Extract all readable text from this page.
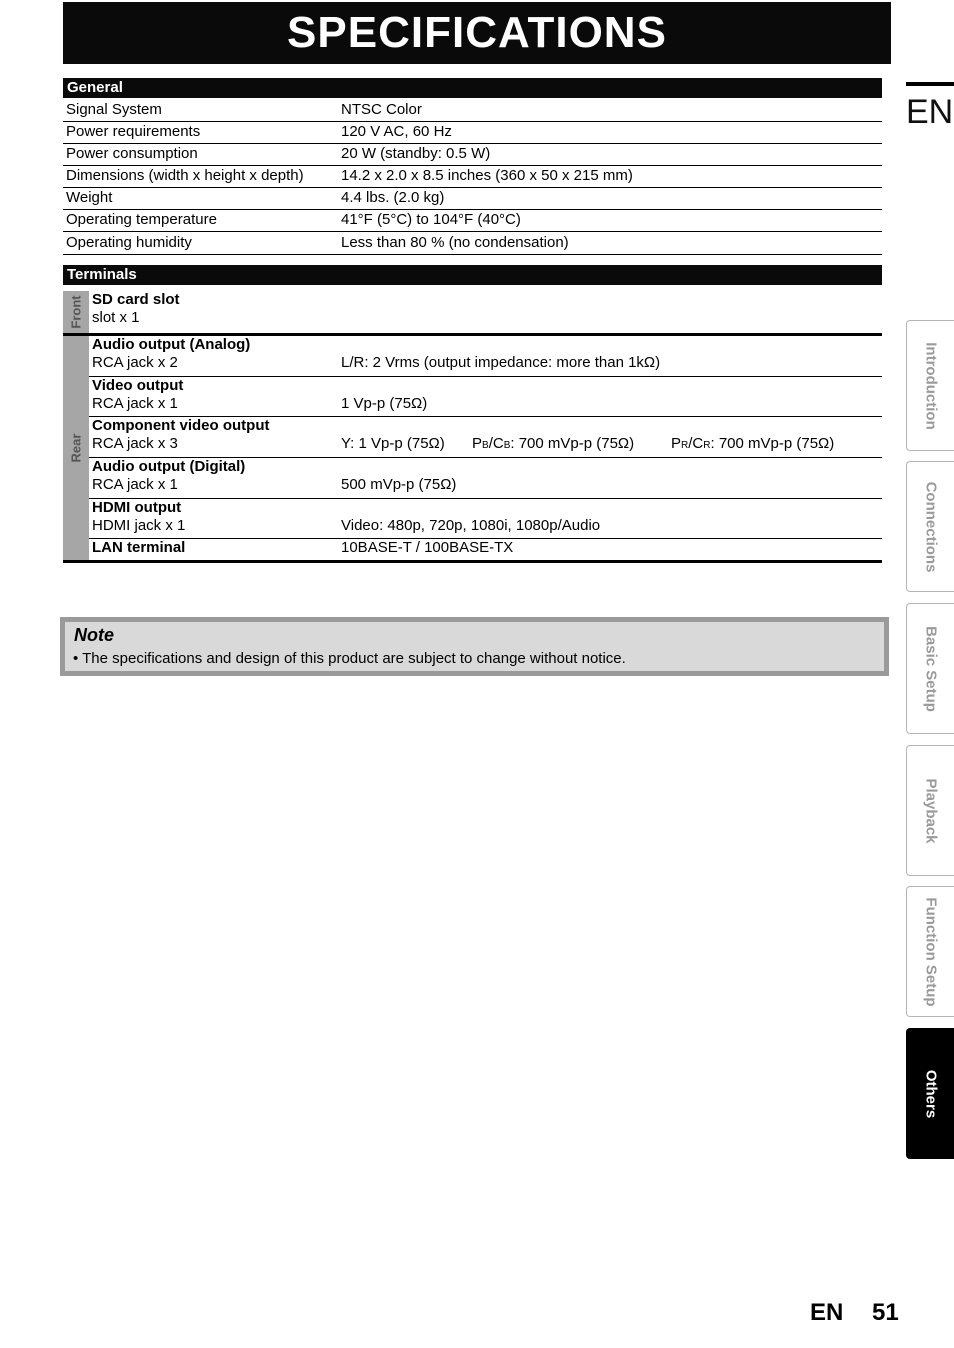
SPECIFICATIONS
General
Signal System	NTSC Color
Power requirements	120 V AC, 60 Hz
Power consumption	20 W (standby: 0.5 W)
Dimensions (width x height x depth) 14.2 x 2.0 x 8.5 inches (360 x 50 x 215 mm)
Weight	4.4 lbs. (2.0 kg)
Operating temperature	41°F (5°C) to 104°F (40°C)
Operating humidity	Less than 80 % (no condensation)
Terminals
Front SD card slot
slot x 1
Rear
Audio output (Analog)
RCA jack x 2	L/R: 2 Vrms (output impedance: more than 1kΩ)
Video output
RCA jack x 1	1 Vp-p (75Ω)
Component video output
RCA jack x 3	Y: 1 Vp-p (75Ω) PB/CB: 700 mVp-p (75Ω) PR/CR: 700 mVp-p (75Ω)
Audio output (Digital)
RCA jack x 1	500 mVp-p (75Ω)
HDMI output
HDMI jack x 1	Video: 480p, 720p, 1080i, 1080p/Audio
LAN terminal	10BASE-T / 100BASE-TX
Note
• The specifications and design of this product are subject to change without notice.
EN
Introduction
Connections
Basic Setup
Playback
Function Setup
Others
EN 51
